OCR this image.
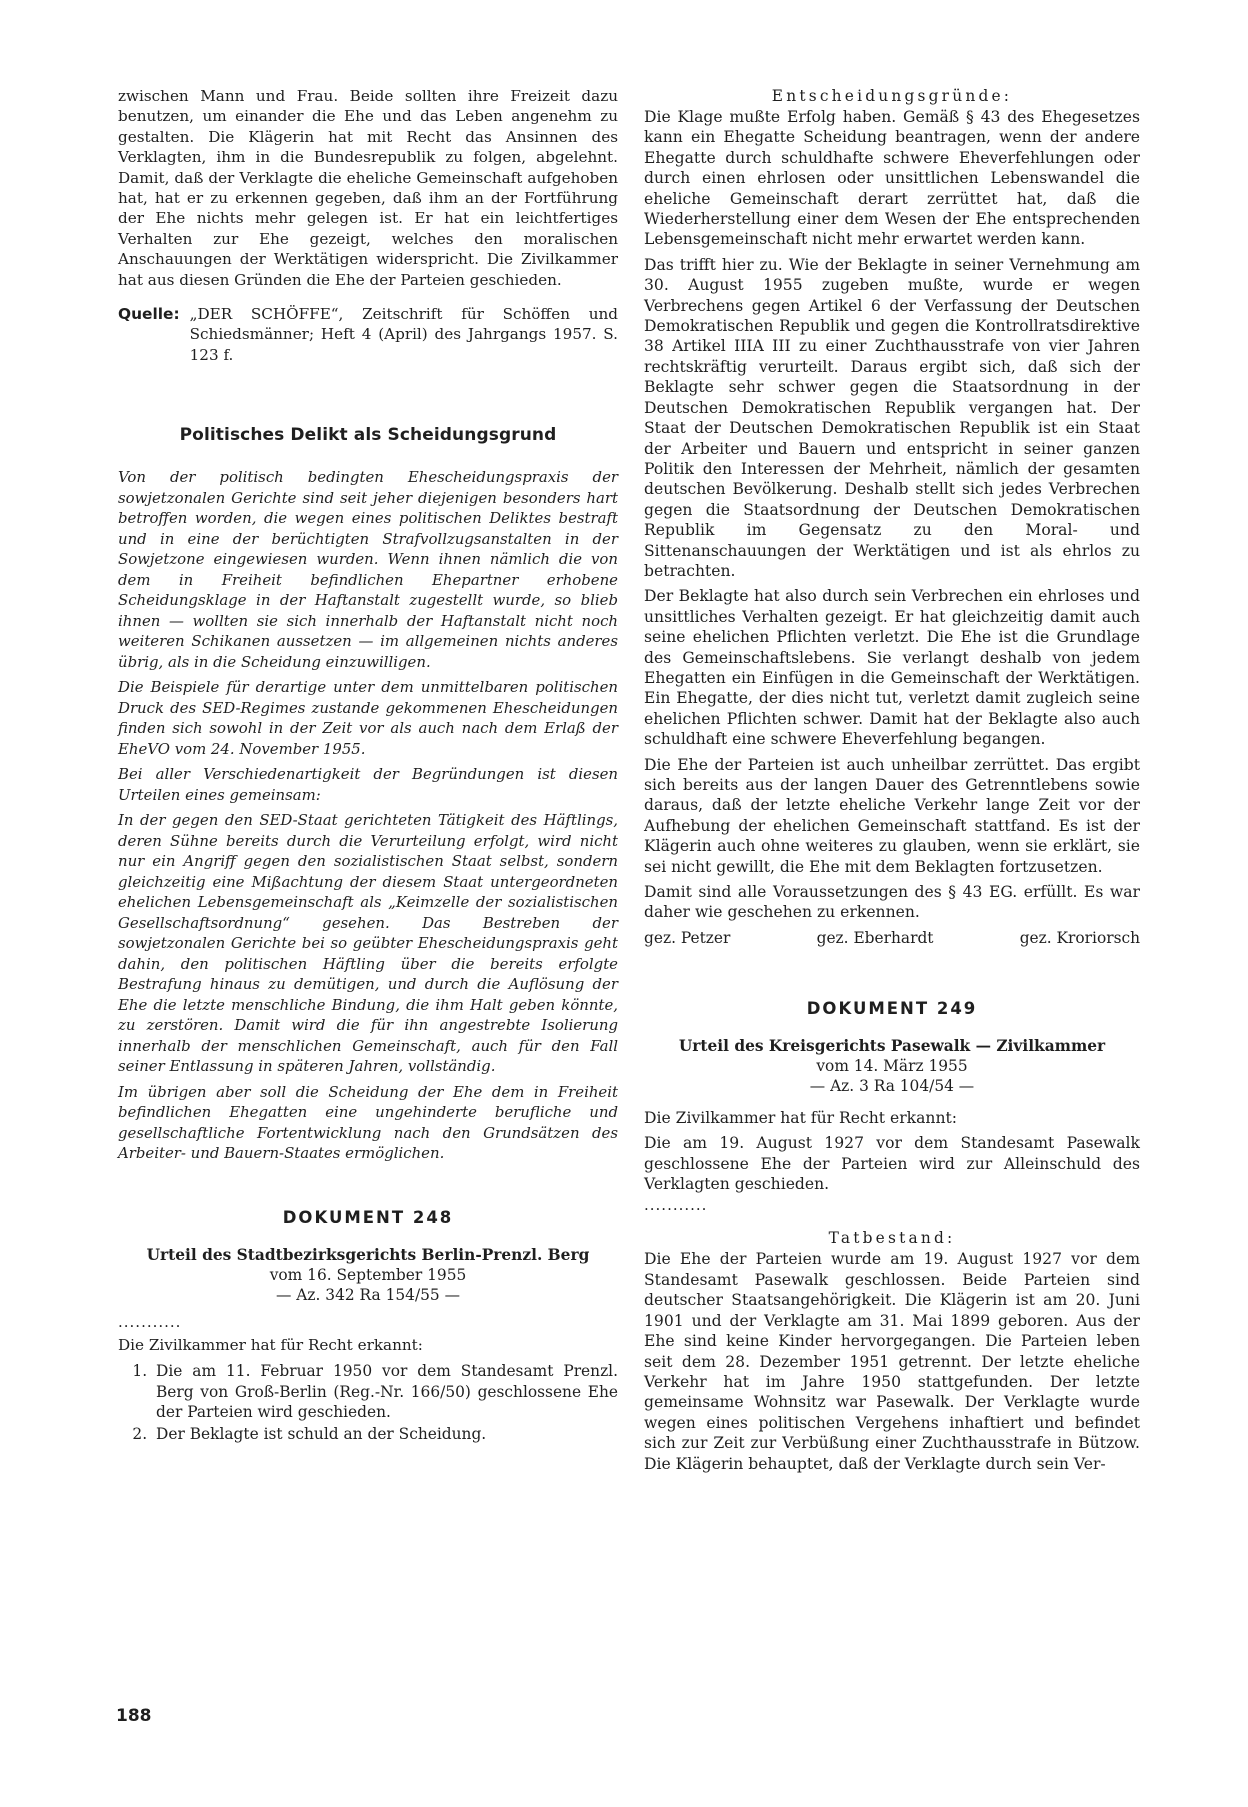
zwischen Mann und Frau. Beide sollten ihre Freizeit dazu benutzen, um einander die Ehe und das Leben angenehm zu gestalten. Die Klägerin hat mit Recht das Ansinnen des Verklagten, ihm in die Bundesrepublik zu folgen, abgelehnt. Damit, daß der Verklagte die eheliche Gemeinschaft aufgehoben hat, hat er zu erkennen gegeben, daß ihm an der Fortführung der Ehe nichts mehr gelegen ist. Er hat ein leichtfertiges Verhalten zur Ehe gezeigt, welches den moralischen Anschauungen der Werktätigen widerspricht. Die Zivilkammer hat aus diesen Gründen die Ehe der Parteien geschieden.

Quelle: „DER SCHÖFFE“, Zeitschrift für Schöffen und Schiedsmänner; Heft 4 (April) des Jahrgangs 1957. S. 123 f.

Politisches Delikt als Scheidungsgrund

Von der politisch bedingten Ehescheidungspraxis der sowjetzonalen Gerichte sind seit jeher diejenigen besonders hart betroffen worden, die wegen eines politischen Deliktes bestraft und in eine der berüchtigten Strafvollzugsanstalten in der Sowjetzone eingewiesen wurden. Wenn ihnen nämlich die von dem in Freiheit befindlichen Ehepartner erhobene Scheidungsklage in der Haftanstalt zugestellt wurde, so blieb ihnen — wollten sie sich innerhalb der Haftanstalt nicht noch weiteren Schikanen aussetzen — im allgemeinen nichts anderes übrig, als in die Scheidung einzuwilligen.

Die Beispiele für derartige unter dem unmittelbaren politischen Druck des SED-Regimes zustande gekommenen Ehescheidungen finden sich sowohl in der Zeit vor als auch nach dem Erlaß der EheVO vom 24. November 1955.

Bei aller Verschiedenartigkeit der Begründungen ist diesen Urteilen eines gemeinsam:

In der gegen den SED-Staat gerichteten Tätigkeit des Häftlings, deren Sühne bereits durch die Verurteilung erfolgt, wird nicht nur ein Angriff gegen den sozialistischen Staat selbst, sondern gleichzeitig eine Mißachtung der diesem Staat untergeordneten ehelichen Lebensgemeinschaft als „Keimzelle der sozialistischen Gesellschaftsordnung“ gesehen. Das Bestreben der sowjetzonalen Gerichte bei so geübter Ehescheidungspraxis geht dahin, den politischen Häftling über die bereits erfolgte Bestrafung hinaus zu demütigen, und durch die Auflösung der Ehe die letzte menschliche Bindung, die ihm Halt geben könnte, zu zerstören. Damit wird die für ihn angestrebte Isolierung innerhalb der menschlichen Gemeinschaft, auch für den Fall seiner Entlassung in späteren Jahren, vollständig.

Im übrigen aber soll die Scheidung der Ehe dem in Freiheit befindlichen Ehegatten eine ungehinderte berufliche und gesellschaftliche Fortentwicklung nach den Grundsätzen des Arbeiter- und Bauern-Staates ermöglichen.

DOKUMENT 248
Urteil des Stadtbezirksgerichts Berlin-Prenzl. Berg
vom 16. September 1955
— Az. 342 Ra 154/55 —
...........

Die Zivilkammer hat für Recht erkannt:

1. Die am 11. Februar 1950 vor dem Standesamt Prenzl. Berg von Groß-Berlin (Reg.-Nr. 166/50) geschlossene Ehe der Parteien wird geschieden.
2. Der Beklagte ist schuld an der Scheidung.
Entscheidungsgründe:

Die Klage mußte Erfolg haben. Gemäß § 43 des Ehegesetzes kann ein Ehegatte Scheidung beantragen, wenn der andere Ehegatte durch schuldhafte schwere Eheverfehlungen oder durch einen ehrlosen oder unsittlichen Lebenswandel die eheliche Gemeinschaft derart zerrüttet hat, daß die Wiederherstellung einer dem Wesen der Ehe entsprechenden Lebensgemeinschaft nicht mehr erwartet werden kann.

Das trifft hier zu. Wie der Beklagte in seiner Vernehmung am 30. August 1955 zugeben mußte, wurde er wegen Verbrechens gegen Artikel 6 der Verfassung der Deutschen Demokratischen Republik und gegen die Kontrollratsdirektive 38 Artikel IIIA III zu einer Zuchthausstrafe von vier Jahren rechtskräftig verurteilt. Daraus ergibt sich, daß sich der Beklagte sehr schwer gegen die Staatsordnung in der Deutschen Demokratischen Republik vergangen hat. Der Staat der Deutschen Demokratischen Republik ist ein Staat der Arbeiter und Bauern und entspricht in seiner ganzen Politik den Interessen der Mehrheit, nämlich der gesamten deutschen Bevölkerung. Deshalb stellt sich jedes Verbrechen gegen die Staatsordnung der Deutschen Demokratischen Republik im Gegensatz zu den Moral- und Sittenanschauungen der Werktätigen und ist als ehrlos zu betrachten.

Der Beklagte hat also durch sein Verbrechen ein ehrloses und unsittliches Verhalten gezeigt. Er hat gleichzeitig damit auch seine ehelichen Pflichten verletzt. Die Ehe ist die Grundlage des Gemeinschaftslebens. Sie verlangt deshalb von jedem Ehegatten ein Einfügen in die Gemeinschaft der Werktätigen. Ein Ehegatte, der dies nicht tut, verletzt damit zugleich seine ehelichen Pflichten schwer. Damit hat der Beklagte also auch schuldhaft eine schwere Eheverfehlung begangen.

Die Ehe der Parteien ist auch unheilbar zerrüttet. Das ergibt sich bereits aus der langen Dauer des Getrenntlebens sowie daraus, daß der letzte eheliche Verkehr lange Zeit vor der Aufhebung der ehelichen Gemeinschaft stattfand. Es ist der Klägerin auch ohne weiteres zu glauben, wenn sie erklärt, sie sei nicht gewillt, die Ehe mit dem Beklagten fortzusetzen.

Damit sind alle Voraussetzungen des § 43 EG. erfüllt. Es war daher wie geschehen zu erkennen.

gez. Petzer	gez. Eberhardt	gez. Kroriorsch
DOKUMENT 249
Urteil des Kreisgerichts Pasewalk — Zivilkammer
vom 14. März 1955
— Az. 3 Ra 104/54 —

Die Zivilkammer hat für Recht erkannt:

Die am 19. August 1927 vor dem Standesamt Pasewalk geschlossene Ehe der Parteien wird zur Alleinschuld des Verklagten geschieden.

...........
Tatbestand:

Die Ehe der Parteien wurde am 19. August 1927 vor dem Standesamt Pasewalk geschlossen. Beide Parteien sind deutscher Staatsangehörigkeit. Die Klägerin ist am 20. Juni 1901 und der Verklagte am 31. Mai 1899 geboren. Aus der Ehe sind keine Kinder hervorgegangen. Die Parteien leben seit dem 28. Dezember 1951 getrennt. Der letzte eheliche Verkehr hat im Jahre 1950 stattgefunden. Der letzte gemeinsame Wohnsitz war Pasewalk. Der Verklagte wurde wegen eines politischen Vergehens inhaftiert und befindet sich zur Zeit zur Verbüßung einer Zuchthausstrafe in Bützow. Die Klägerin behauptet, daß der Verklagte durch sein Ver-

188
